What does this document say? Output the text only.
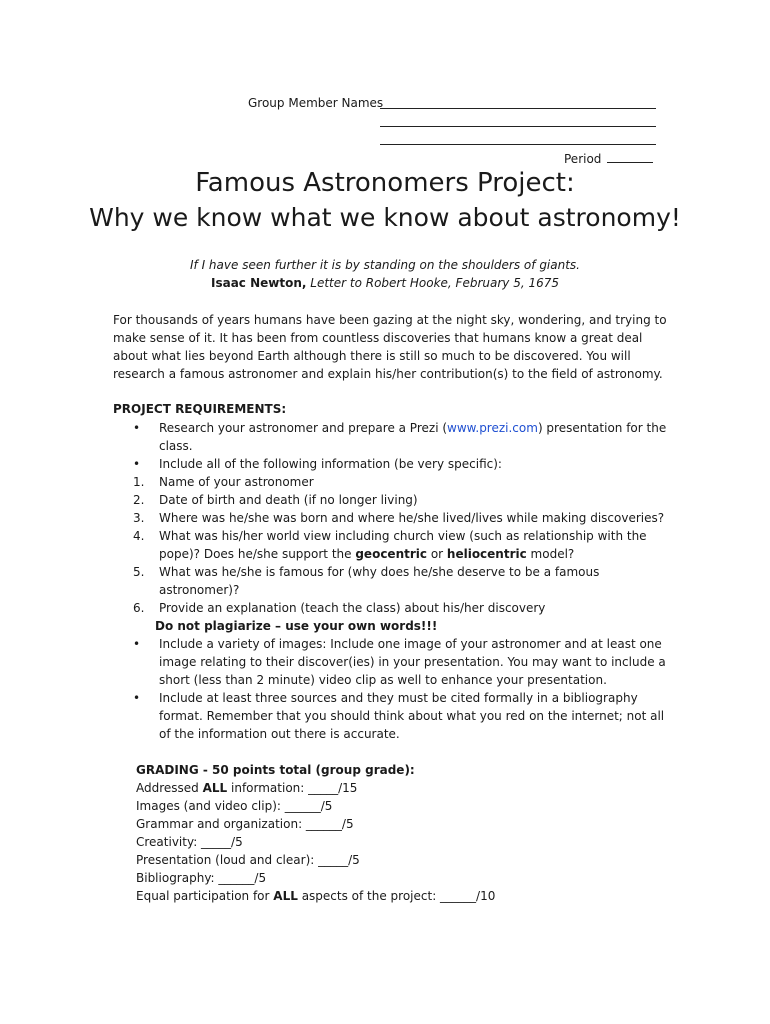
Group Member Names
Period
Famous Astronomers Project:
Why we know what we know about astronomy!
If I have seen further it is by standing on the shoulders of giants.
Isaac Newton, Letter to Robert Hooke, February 5, 1675
For thousands of years humans have been gazing at the night sky, wondering, and trying to
make sense of it. It has been from countless discoveries that humans know a great deal
about what lies beyond Earth although there is still so much to be discovered. You will
research a famous astronomer and explain his/her contribution(s) to the field of astronomy.
PROJECT REQUIREMENTS:
•	Research your astronomer and prepare a Prezi (www.prezi.com) presentation for the
class.
•	Include all of the following information (be very specific):
1.	Name of your astronomer
2.	Date of birth and death (if no longer living)
3.	Where was he/she was born and where he/she lived/lives while making discoveries?
4.	What was his/her world view including church view (such as relationship with the
pope)? Does he/she support the geocentric or heliocentric model?
5.	What was he/she is famous for (why does he/she deserve to be a famous
astronomer)?
6.	Provide an explanation (teach the class) about his/her discovery
Do not plagiarize – use your own words!!!
•	Include a variety of images: Include one image of your astronomer and at least one
image relating to their discover(ies) in your presentation. You may want to include a
short (less than 2 minute) video clip as well to enhance your presentation.
•	Include at least three sources and they must be cited formally in a bibliography
format. Remember that you should think about what you red on the internet; not all
of the information out there is accurate.
GRADING - 50 points total (group grade):
Addressed ALL information: _____/15
Images (and video clip): ______/5
Grammar and organization: ______/5
Creativity: _____/5
Presentation (loud and clear): _____/5
Bibliography: ______/5
Equal participation for ALL aspects of the project: ______/10
